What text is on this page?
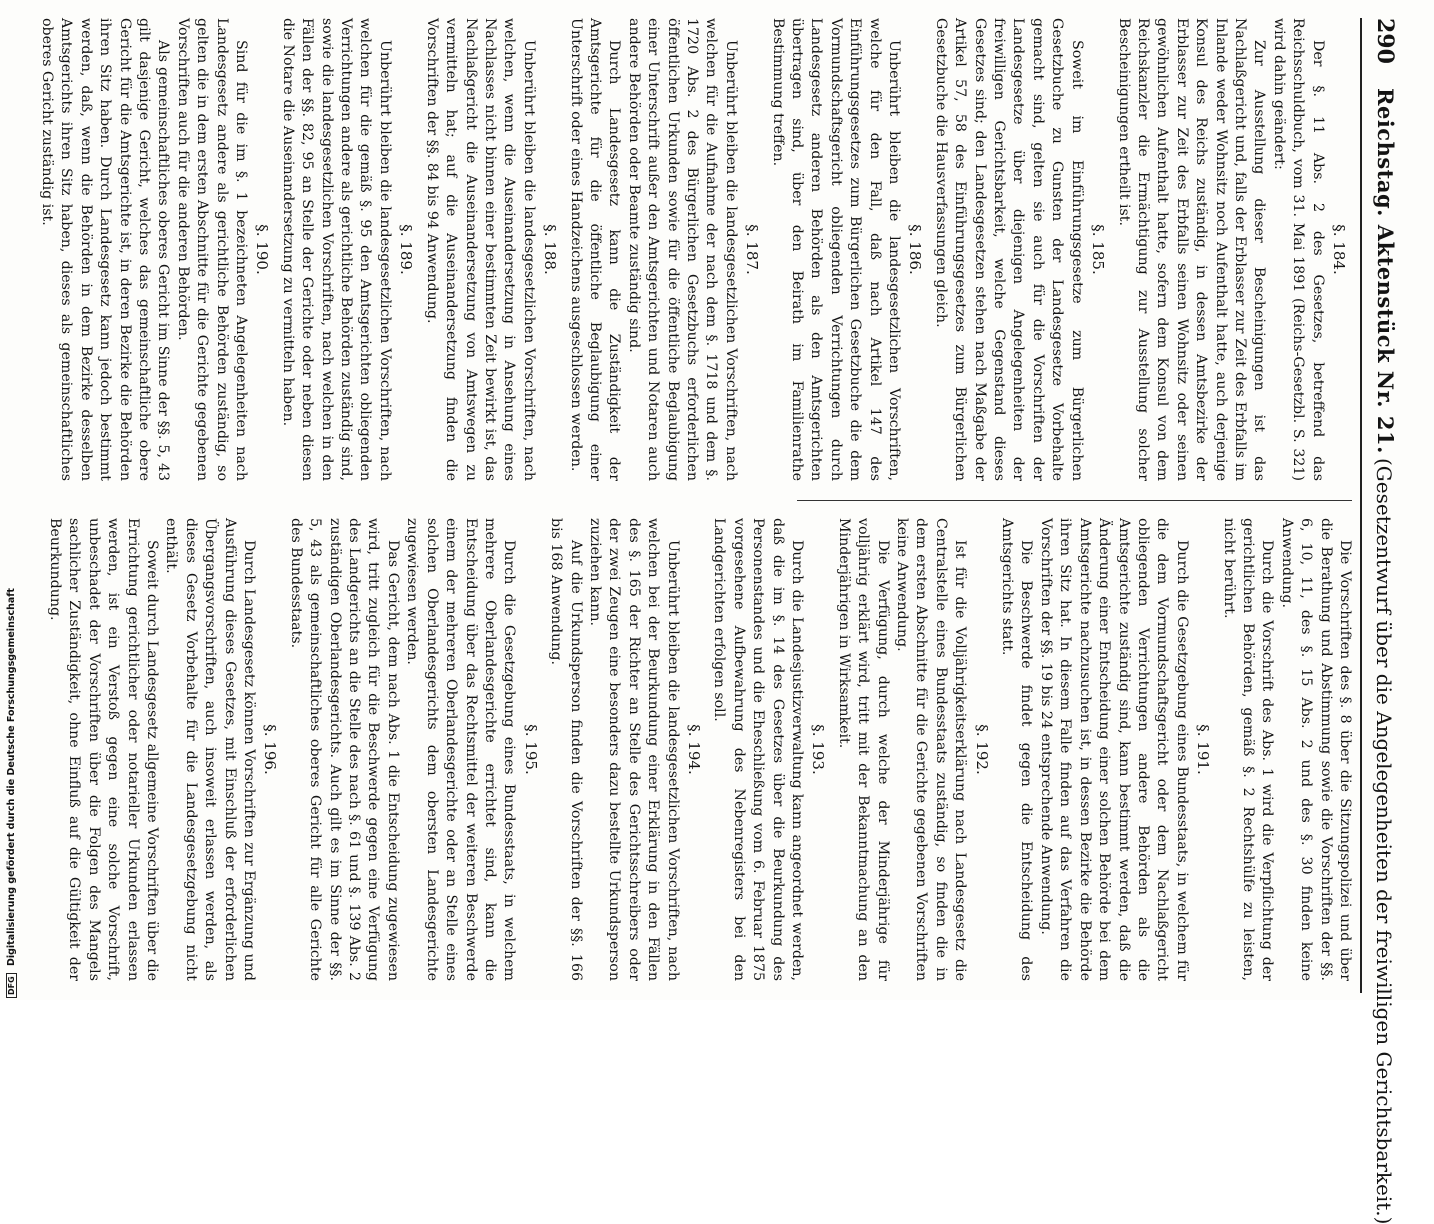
290
Reichstag. Aktenstück Nr. 21.
(Gesetzentwurf über die Angelegenheiten der freiwilligen Gerichtsbarkeit.)
§. 184.

Der §. 11 Abs. 2 des Gesetzes, betreffend das Reichsschuldbuch, vom 31. Mai 1891 (Reichs-Gesetzbl. S. 321) wird dahin geändert:

Zur Ausstellung dieser Bescheinigungen ist das Nachlaßgericht und, falls der Erblasser zur Zeit des Erbfalls im Inlande weder Wohnsitz noch Aufenthalt hatte, auch derjenige Konsul des Reichs zuständig, in dessen Amtsbezirke der Erblasser zur Zeit des Erbfalls seinen Wohnsitz oder seinen gewöhnlichen Aufenthalt hatte, sofern dem Konsul von dem Reichskanzler die Ermächtigung zur Ausstellung solcher Bescheinigungen ertheilt ist.

§. 185.

Soweit im Einführungsgesetze zum Bürgerlichen Gesetzbuche zu Gunsten der Landesgesetze Vorbehalte gemacht sind, gelten sie auch für die Vorschriften der Landesgesetze über diejenigen Angelegenheiten der freiwilligen Gerichtsbarkeit, welche Gegenstand dieses Gesetzes sind; den Landesgesetzen stehen nach Maßgabe der Artikel 57, 58 des Einführungsgesetzes zum Bürgerlichen Gesetzbuche die Hausverfassungen gleich.

§. 186.

Unberührt bleiben die landesgesetzlichen Vorschriften, welche für den Fall, daß nach Artikel 147 des Einführungsgesetzes zum Bürgerlichen Gesetzbuche die dem Vormundschaftsgericht obliegenden Verrichtungen durch Landesgesetz anderen Behörden als den Amtsgerichten übertragen sind, über den Beirath im Familienrathe Bestimmung treffen.

§. 187.

Unberührt bleiben die landesgesetzlichen Vorschriften, nach welchen für die Aufnahme der nach dem §. 1718 und dem §. 1720 Abs. 2 des Bürgerlichen Gesetzbuchs erforderlichen öffentlichen Urkunden sowie für die öffentliche Beglaubigung einer Unterschrift außer den Amtsgerichten und Notaren auch andere Behörden oder Beamte zuständig sind.

Durch Landesgesetz kann die Zuständigkeit der Amtsgerichte für die öffentliche Beglaubigung einer Unterschrift oder eines Handzeichens ausgeschlossen werden.

§. 188.

Unberührt bleiben die landesgesetzlichen Vorschriften, nach welchen, wenn die Auseinandersetzung in Ansehung eines Nachlasses nicht binnen einer bestimmten Zeit bewirkt ist, das Nachlaßgericht die Auseinandersetzung von Amtswegen zu vermitteln hat; auf die Auseinandersetzung finden die Vorschriften der §§. 84 bis 94 Anwendung.

§. 189.

Unberührt bleiben die landesgesetzlichen Vorschriften, nach welchen für die gemäß §. 95 den Amtsgerichten obliegenden Verrichtungen andere als gerichtliche Behörden zuständig sind, sowie die landesgesetzlichen Vorschriften, nach welchen in den Fällen der §§. 82, 95 an Stelle der Gerichte oder neben diesen die Notare die Auseinandersetzung zu vermitteln haben.

§. 190.

Sind für die im §. 1 bezeichneten Angelegenheiten nach Landesgesetz andere als gerichtliche Behörden zuständig, so gelten die in dem ersten Abschnitte für die Gerichte gegebenen Vorschriften auch für die anderen Behörden.

Als gemeinschaftliches oberes Gericht im Sinne der §§. 5, 43 gilt dasjenige Gericht, welches das gemeinschaftliche obere Gericht für die Amtsgerichte ist, in deren Bezirke die Behörden ihren Sitz haben. Durch Landesgesetz kann jedoch bestimmt werden, daß, wenn die Behörden in dem Bezirke desselben Amtsgerichts ihren Sitz haben, dieses als gemeinschaftliches oberes Gericht zuständig ist.

Die Vorschriften des §. 8 über die Sitzungspolizei und über die Berathung und Abstimmung sowie die Vorschriften der §§. 6, 10, 11, des §. 15 Abs. 2 und des §. 30 finden keine Anwendung.

Durch die Vorschrift des Abs. 1 wird die Verpflichtung der gerichtlichen Behörden, gemäß §. 2 Rechtshülfe zu leisten, nicht berührt.

§. 191.

Durch die Gesetzgebung eines Bundesstaats, in welchem für die dem Vormundschaftsgericht oder dem Nachlaßgericht obliegenden Verrichtungen andere Behörden als die Amtsgerichte zuständig sind, kann bestimmt werden, daß die Änderung einer Entscheidung einer solchen Behörde bei dem Amtsgerichte nachzusuchen ist, in dessen Bezirke die Behörde ihren Sitz hat. In diesem Falle finden auf das Verfahren die Vorschriften der §§. 19 bis 24 entsprechende Anwendung.

Die Beschwerde findet gegen die Entscheidung des Amtsgerichts statt.

§. 192.

Ist für die Volljährigkeitserklärung nach Landesgesetz die Centralstelle eines Bundesstaats zuständig, so finden die in dem ersten Abschnitte für die Gerichte gegebenen Vorschriften keine Anwendung.

Die Verfügung, durch welche der Minderjährige für volljährig erklärt wird, tritt mit der Bekanntmachung an den Minderjährigen in Wirksamkeit.

§. 193.

Durch die Landesjustizverwaltung kann angeordnet werden, daß die im §. 14 des Gesetzes über die Beurkundung des Personenstandes und die Eheschließung vom 6. Februar 1875 vorgesehene Aufbewahrung des Nebenregisters bei den Landgerichten erfolgen soll.

§. 194.

Unberührt bleiben die landesgesetzlichen Vorschriften, nach welchen bei der Beurkundung einer Erklärung in den Fällen des §. 165 der Richter an Stelle des Gerichtsschreibers oder der zwei Zeugen eine besonders dazu bestellte Urkundsperson zuziehen kann.

Auf die Urkundsperson finden die Vorschriften der §§. 166 bis 168 Anwendung.

§. 195.

Durch die Gesetzgebung eines Bundesstaats, in welchem mehrere Oberlandesgerichte errichtet sind, kann die Entscheidung über das Rechtsmittel der weiteren Beschwerde einem der mehreren Oberlandesgerichte oder an Stelle eines solchen Oberlandesgerichts dem obersten Landesgerichte zugewiesen werden.

Das Gericht, dem nach Abs. 1 die Entscheidung zugewiesen wird, tritt zugleich für die Beschwerde gegen eine Verfügung des Landgerichts an die Stelle des nach §. 61 und §. 139 Abs. 2 zuständigen Oberlandesgerichts. Auch gilt es im Sinne der §§. 5, 43 als gemeinschaftliches oberes Gericht für alle Gerichte des Bundesstaats.

§. 196.

Durch Landesgesetz können Vorschriften zur Ergänzung und Ausführung dieses Gesetzes, mit Einschluß der erforderlichen Übergangsvorschriften, auch insoweit erlassen werden, als dieses Gesetz Vorbehalte für die Landesgesetzgebung nicht enthält.

Soweit durch Landesgesetz allgemeine Vorschriften über die Errichtung gerichtlicher oder notarieller Urkunden erlassen werden, ist ein Verstoß gegen eine solche Vorschrift, unbeschadet der Vorschriften über die Folgen des Mangels sachlicher Zuständigkeit, ohne Einfluß auf die Gültigkeit der Beurkundung.

DFG Digitalisierung gefördert durch die Deutsche Forschungsgemeinschaft
